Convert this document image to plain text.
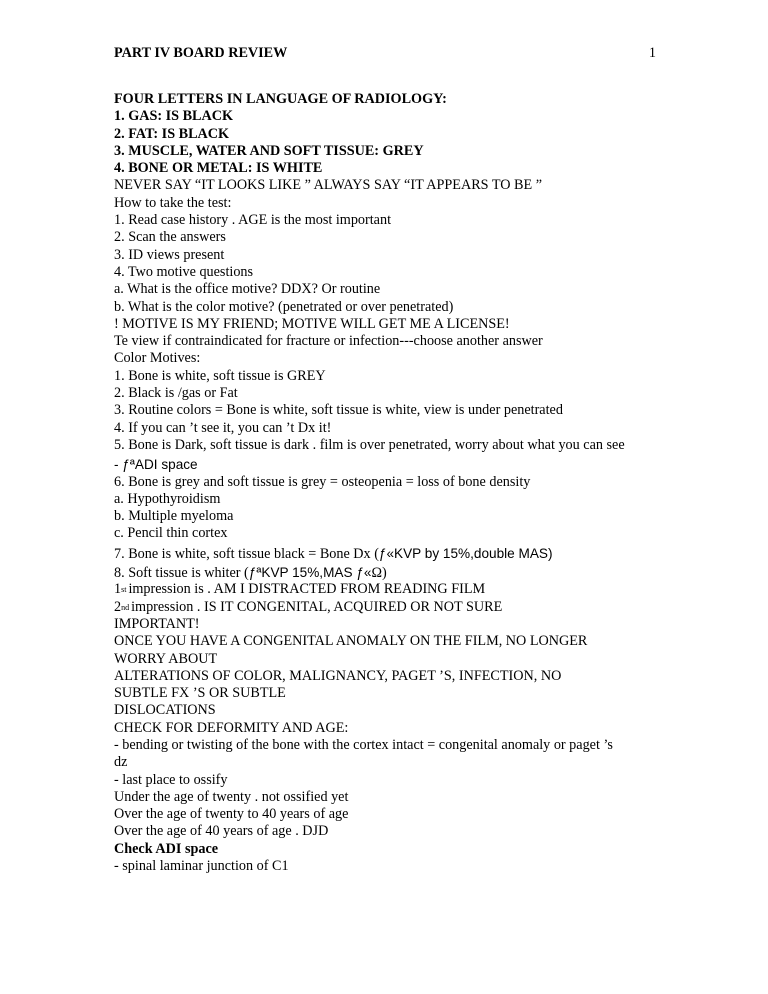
PART IV BOARD REVIEW	1
FOUR LETTERS IN LANGUAGE OF RADIOLOGY:
1. GAS: IS BLACK
2. FAT: IS BLACK
3. MUSCLE, WATER AND SOFT TISSUE: GREY
4. BONE OR METAL: IS WHITE
NEVER SAY “IT LOOKS LIKE ” ALWAYS SAY “IT APPEARS TO BE ”
How to take the test:
1. Read case history . AGE is the most important
2. Scan the answers
3. ID views present
4. Two motive questions
a. What is the office motive? DDX? Or routine
b. What is the color motive? (penetrated or over penetrated)
! MOTIVE IS MY FRIEND; MOTIVE WILL GET ME A LICENSE!
Te view if contraindicated for fracture or infection---choose another answer
Color Motives:
1. Bone is white, soft tissue is GREY
2. Black is /gas or Fat
3. Routine colors = Bone is white, soft tissue is white, view is under penetrated
4. If you can ’t see it, you can ’t Dx it!
5. Bone is Dark, soft tissue is dark . film is over penetrated, worry about what you can see
- ƒªADI space
6. Bone is grey and soft tissue is grey = osteopenia = loss of bone density
a. Hypothyroidism
b. Multiple myeloma
c. Pencil thin cortex
7. Bone is white, soft tissue black = Bone Dx (ƒ«KVP by 15%,double MAS)
8. Soft tissue is whiter (ƒªKVP 15%,MAS ƒ«Ω)
1st impression is . AM I DISTRACTED FROM READING FILM
2nd impression . IS IT CONGENITAL, ACQUIRED OR NOT SURE
IMPORTANT!
ONCE YOU HAVE A CONGENITAL ANOMALY ON THE FILM, NO LONGER
WORRY ABOUT
ALTERATIONS OF COLOR, MALIGNANCY, PAGET ’S, INFECTION, NO
SUBTLE FX ’S OR SUBTLE
DISLOCATIONS
CHECK FOR DEFORMITY AND AGE:
- bending or twisting of the bone with the cortex intact = congenital anomaly or paget ’s
dz
- last place to ossify
Under the age of twenty . not ossified yet
Over the age of twenty to 40 years of age
Over the age of 40 years of age . DJD
Check ADI space
- spinal laminar junction of C1
